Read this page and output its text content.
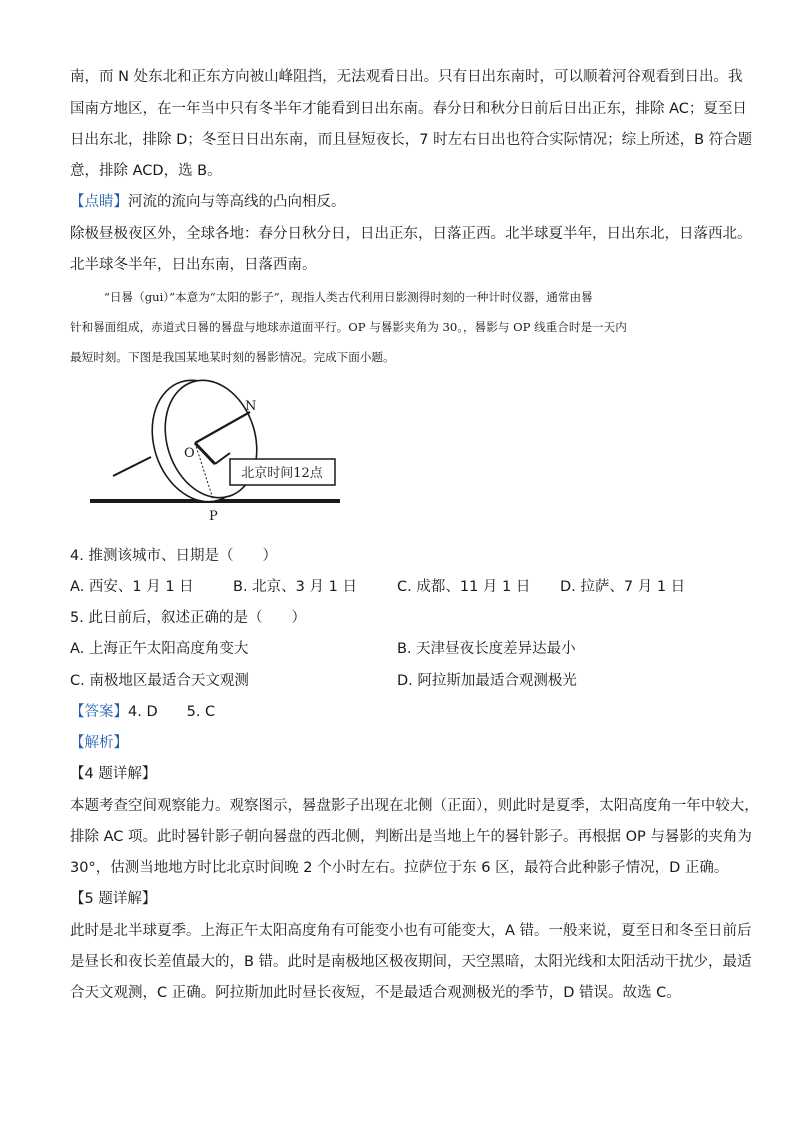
南，而 N 处东北和正东方向被山峰阻挡，无法观看日出。只有日出东南时，可以顺着河谷观看到日出。我
国南方地区，在一年当中只有冬半年才能看到日出东南。春分日和秋分日前后日出正东，排除 AC；夏至日
日出东北，排除 D；冬至日日出东南，而且昼短夜长，7 时左右日出也符合实际情况；综上所述，B 符合题
意，排除 ACD，选 B。
【点睛】河流的流向与等高线的凸向相反。
除极昼极夜区外，全球各地：春分日秋分日，日出正东，日落正西。北半球夏半年，日出东北，日落西北。
北半球冬半年，日出东南，日落西南。
“日晷（gui）”本意为“太阳的影子”，现指人类古代利用日影测得时刻的一种计时仪器，通常由晷
针和晷面组成，赤道式日晷的晷盘与地球赤道面平行。OP 与晷影夹角为 30。，晷影与 OP 线重合时是一天内
最短时刻。下图是我国某地某时刻的晷影情况。完成下面小题。
北京时间12点
N
O
P
4. 推测该城市、日期是（　　）
A. 西安、1 月 1 日	B. 北京、3 月 1 日	C. 成都、11 月 1 日 D. 拉萨、7 月 1 日
5. 此日前后，叙述正确的是（　　）
A. 上海正午太阳高度角变大	B. 天津昼夜长度差异达最小
C. 南极地区最适合天文观测	D. 阿拉斯加最适合观测极光
【答案】4. D　　5. C
【解析】
【4 题详解】
本题考查空间观察能力。观察图示，晷盘影子出现在北侧（正面），则此时是夏季，太阳高度角一年中较大，
排除 AC 项。此时晷针影子朝向晷盘的西北侧，判断出是当地上午的晷针影子。再根据 OP 与晷影的夹角为
30°，估测当地地方时比北京时间晚 2 个小时左右。拉萨位于东 6 区，最符合此种影子情况，D 正确。
【5 题详解】
此时是北半球夏季。上海正午太阳高度角有可能变小也有可能变大，A 错。一般来说，夏至日和冬至日前后
是昼长和夜长差值最大的，B 错。此时是南极地区极夜期间，天空黑暗，太阳光线和太阳活动干扰少，最适
合天文观测，C 正确。阿拉斯加此时昼长夜短，不是最适合观测极光的季节，D 错误。故选 C。
